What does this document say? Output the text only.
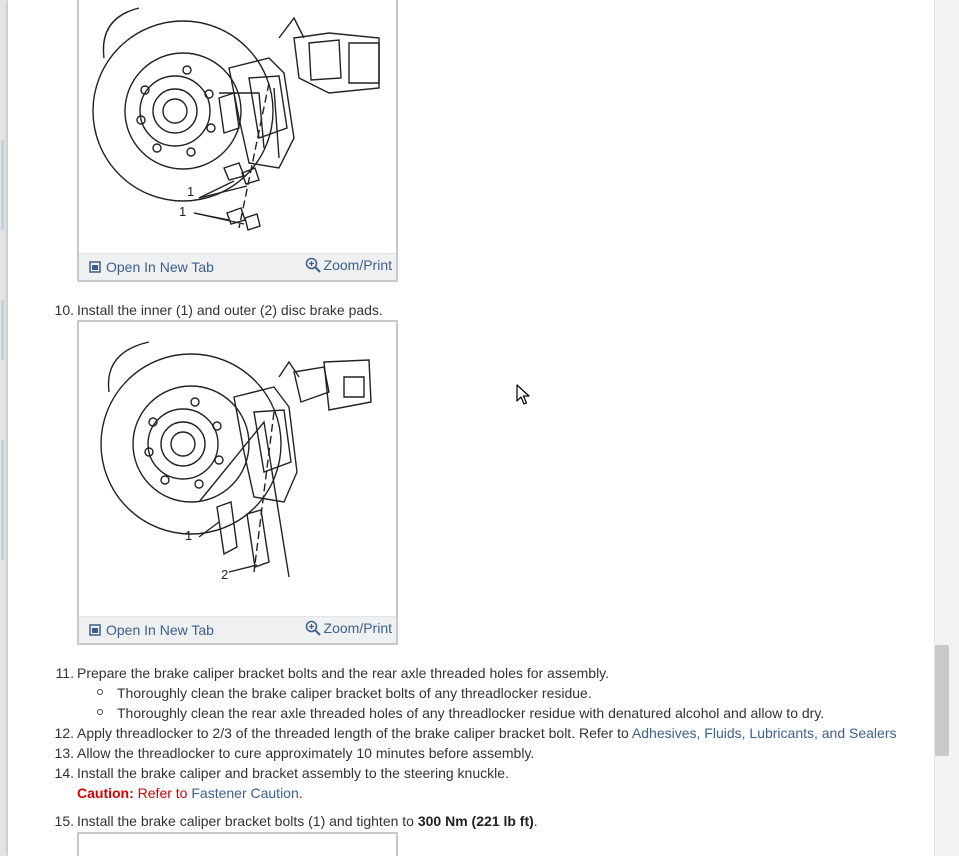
1
1
Open In New Tab	Zoom/Print
10. Install the inner (1) and outer (2) disc brake pads.
1
2
Open In New Tab	Zoom/Print
11. Prepare the brake caliper bracket bolts and the rear axle threaded holes for assembly.
Thoroughly clean the brake caliper bracket bolts of any threadlocker residue.
Thoroughly clean the rear axle threaded holes of any threadlocker residue with denatured alcohol and allow to dry.
12. Apply threadlocker to 2/3 of the threaded length of the brake caliper bracket bolt. Refer to Adhesives, Fluids, Lubricants, and Sealers
13. Allow the threadlocker to cure approximately 10 minutes before assembly.
14. Install the brake caliper and bracket assembly to the steering knuckle.
Caution: Refer to Fastener Caution.
15. Install the brake caliper bracket bolts (1) and tighten to 300 Nm (221 lb ft).
